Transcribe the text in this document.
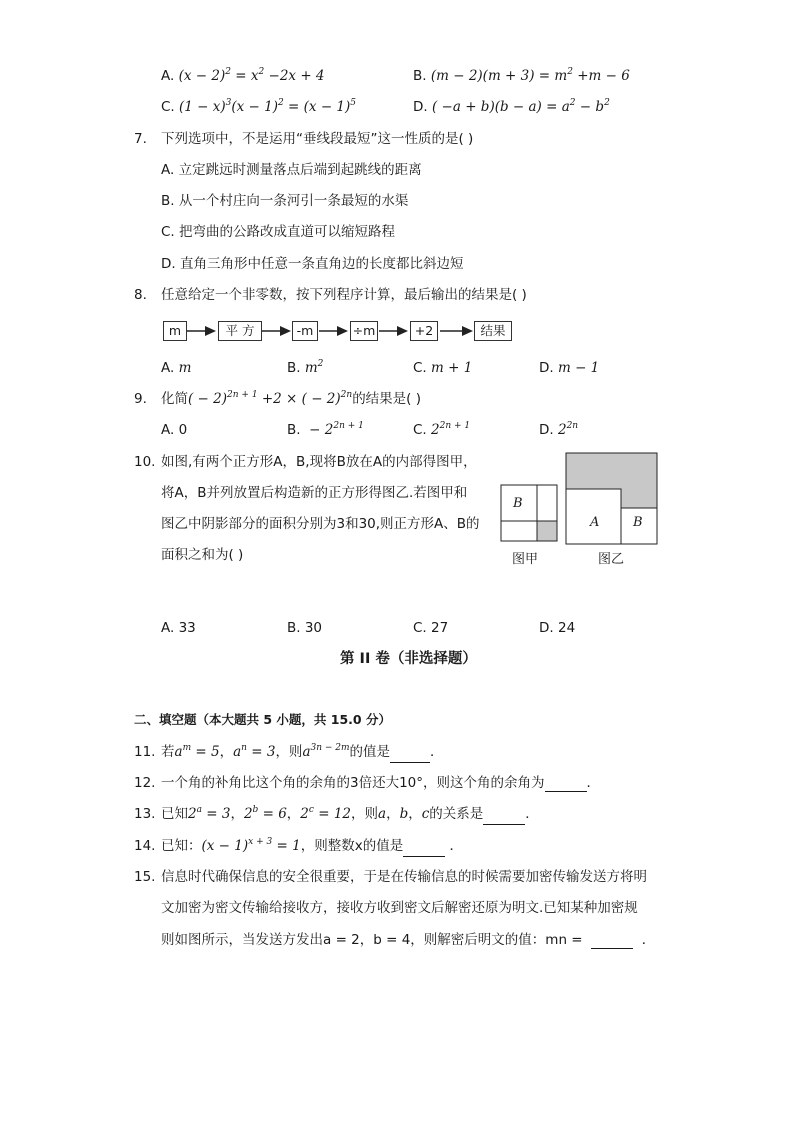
A. $(x - 2)^2 = x^2 -2x + 4$	B. $(m - 2)(m + 3) = m^2 +m - 6$
C. $(1 - x)^3(x - 1)^2 = (x - 1)^5$	D. ( $-a + b)(b - a) = a^2 - b^2$
7. 下列选项中，不是运用“垂线段最短”这一性质的是( )
A. 立定跳远时测量落点后端到起跳线的距离
B. 从一个村庄向一条河引一条最短的水渠
C. 把弯曲的公路改成直道可以缩短路程
D. 直角三角形中任意一条直角边的长度都比斜边短
8. 任意给定一个非零数，按下列程序计算，最后输出的结果是( )
m	平 方	-m	÷m	+2	结果
A. m	B. $m^2$	C. m + 1	D. m − 1
9. 化简( − 2)$^{2n + 1}$ +2 × ( − 2)$^{2n}$的结果是( )
A. 0	B. − $2^{2n + 1}$	C. $2^{2n + 1}$	D. $2^{2n}$
10. 如图,有两个正方形A，B,现将B放在A的内部得图甲，
将A，B并列放置后构造新的正方形得图乙.若图甲和
图乙中阴影部分的面积分别为3和30,则正方形A、B的
面积之和为( )
B
图甲
A	B
图乙
A. 33	B. 30	C. 27	D. 24
第 II 卷（非选择题）
二、填空题（本大题共 5 小题，共 15.0 分）
11. 若$a^m = 5$，$a^n = 3$，则$a^{3n - 2m}$的值是	．
12. 一个角的补角比这个角的余角的3倍还大10°，则这个角的余角为	．
13. 已知$2^a = 3$，$2^b = 6$，$2^c = 12$，则a，b，c的关系是	．
14. 已知：$(x - 1)^{x + 3} = 1$，则整数x的值是	．
15. 信息时代确保信息的安全很重要，于是在传输信息的时候需要加密传输发送方将明
文加密为密文传输给接收方，接收方收到密文后解密还原为明文.已知某种加密规
则如图所示，当发送方发出a = 2，b = 4，则解密后明文的值：mn =	．
